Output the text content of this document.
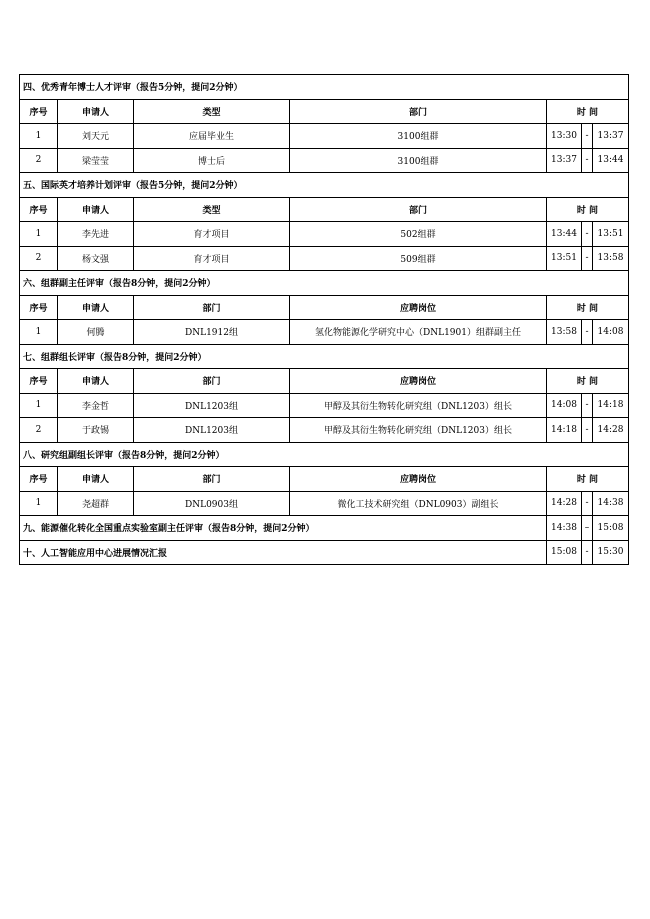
四、优秀青年博士人才评审（报告5分钟，提问2分钟）						
序号	申请人	类型	部门	时 间		
1	刘天元	应届毕业生	3100组群	13:30	-	13:37
2	梁莹莹	博士后	3100组群	13:37	-	13:44
五、国际英才培养计划评审（报告5分钟，提问2分钟）						
序号	申请人	类型	部门	时 间		
1	李先进	育才项目	502组群	13:44	-	13:51
2	杨文强	育才项目	509组群	13:51	-	13:58
六、组群副主任评审（报告8分钟，提问2分钟）						
序号	申请人	部门	应聘岗位	时 间		
1	何腾	DNL1912组	氢化物能源化学研究中心（DNL1901）组群副主任	13:58	-	14:08
七、组群组长评审（报告8分钟，提问2分钟）						
序号	申请人	部门	应聘岗位	时 间		
1	李金哲	DNL1203组	甲醇及其衍生物转化研究组（DNL1203）组长	14:08	-	14:18
2	于政锡	DNL1203组	甲醇及其衍生物转化研究组（DNL1203）组长	14:18	-	14:28
八、研究组副组长评审（报告8分钟，提问2分钟）						
序号	申请人	部门	应聘岗位	时 间		
1	尧超群	DNL0903组	微化工技术研究组（DNL0903）副组长	14:28	-	14:38
九、能源催化转化全国重点实验室副主任评审（报告8分钟，提问2分钟）				14:38	–	15:08
十、人工智能应用中心进展情况汇报				15:08	-	15:30
